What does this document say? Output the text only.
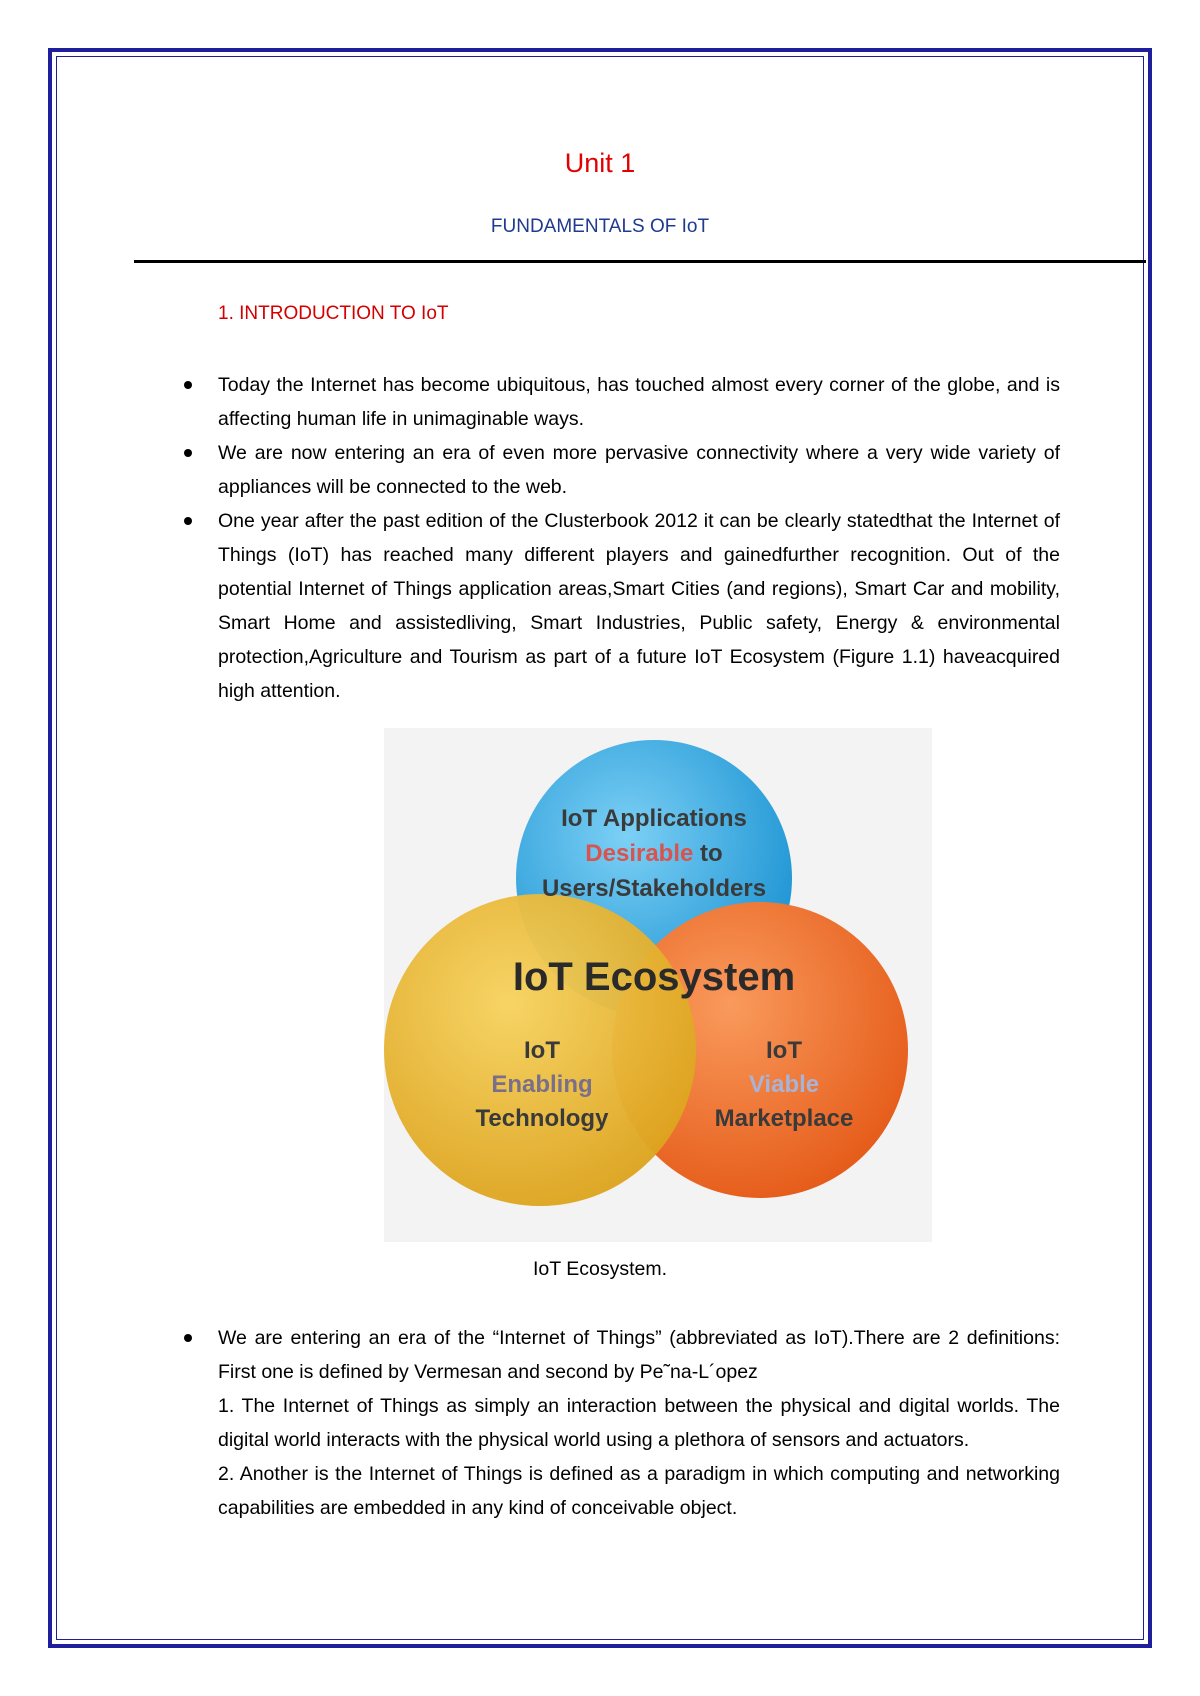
Unit 1
FUNDAMENTALS OF IoT
1. INTRODUCTION TO IoT

Today the Internet has become ubiquitous, has touched almost every corner of the globe, and is affecting human life in unimaginable ways.

We are now entering an era of even more pervasive connectivity where a very wide variety of appliances will be connected to the web.

One year after the past edition of the Clusterbook 2012 it can be clearly statedthat the Internet of Things (IoT) has reached many different players and gainedfurther recognition. Out of the potential Internet of Things application areas,Smart Cities (and regions), Smart Car and mobility, Smart Home and assistedliving, Smart Industries, Public safety, Energy & environmental protection,Agriculture and Tourism as part of a future IoT Ecosystem (Figure 1.1) haveacquired high attention.

IoT Applications
Desirable to
Users/Stakeholders
IoT Ecosystem
IoT
Enabling
Technology
IoT
Viable
Marketplace
IoT Ecosystem.

We are entering an era of the “Internet of Things” (abbreviated as IoT).There are 2 definitions: First one is defined by Vermesan and second by Pe˜na-L´opez

1. The Internet of Things as simply an interaction between the physical and digital worlds. The digital world interacts with the physical world using a plethora of sensors and actuators.

2. Another is the Internet of Things is defined as a paradigm in which computing and networking capabilities are embedded in any kind of conceivable object.
